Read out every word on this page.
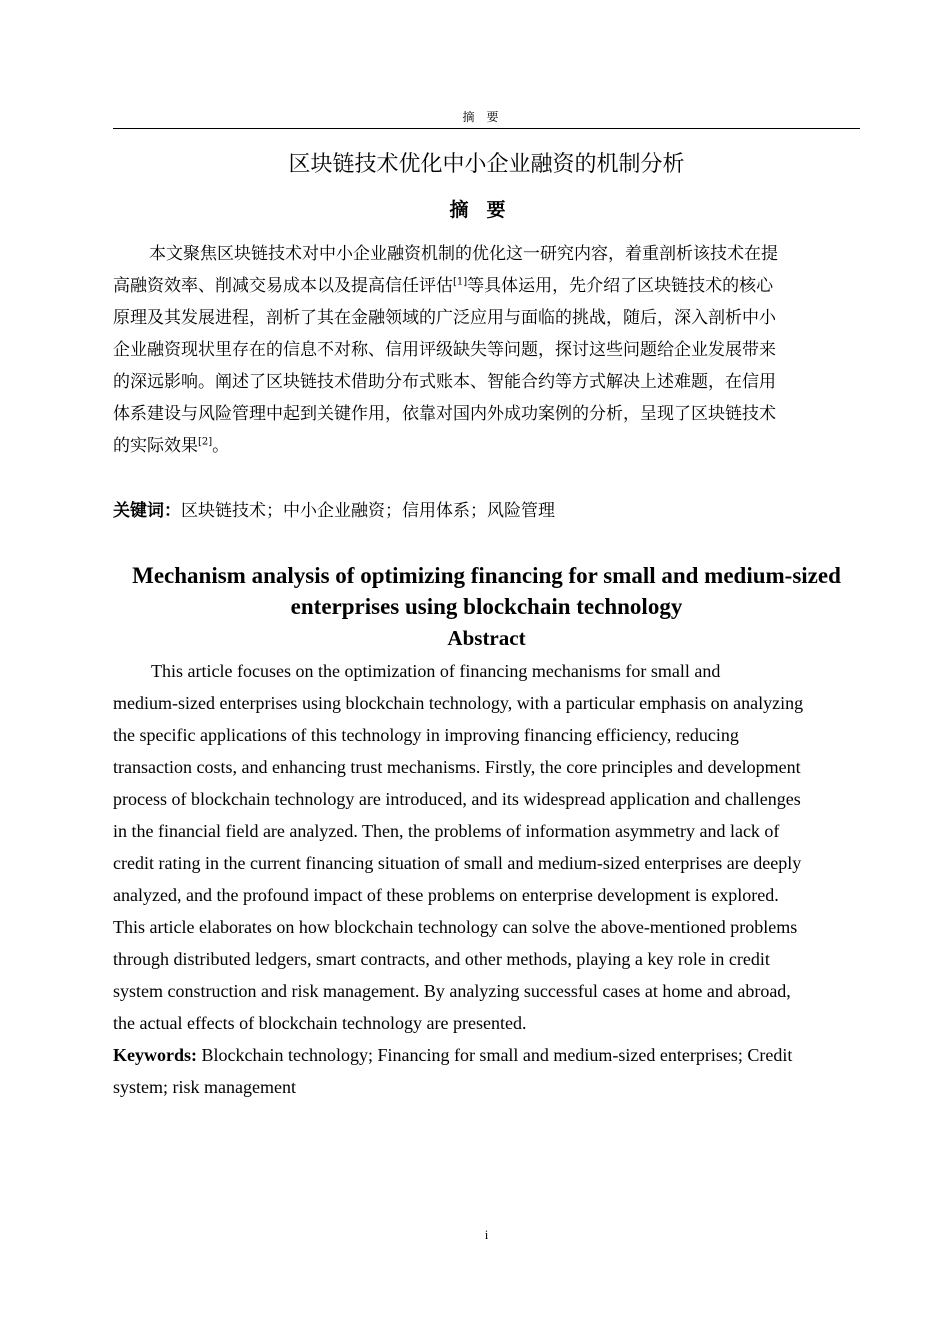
摘要
区块链技术优化中小企业融资的机制分析
摘要
本文聚焦区块链技术对中小企业融资机制的优化这一研究内容，着重剖析该技术在提
高融资效率、削减交易成本以及提高信任评估[1]等具体运用，先介绍了区块链技术的核心
原理及其发展进程，剖析了其在金融领域的广泛应用与面临的挑战，随后，深入剖析中小
企业融资现状里存在的信息不对称、信用评级缺失等问题，探讨这些问题给企业发展带来
的深远影响。阐述了区块链技术借助分布式账本、智能合约等方式解决上述难题，在信用
体系建设与风险管理中起到关键作用，依靠对国内外成功案例的分析，呈现了区块链技术
的实际效果[2]。
关键词：区块链技术；中小企业融资；信用体系；风险管理
Mechanism analysis of optimizing financing for small and medium-sized
enterprises using blockchain technology
Abstract
This article focuses on the optimization of financing mechanisms for small and
medium-sized enterprises using blockchain technology, with a particular emphasis on analyzing
the specific applications of this technology in improving financing efficiency, reducing
transaction costs, and enhancing trust mechanisms. Firstly, the core principles and development
process of blockchain technology are introduced, and its widespread application and challenges
in the financial field are analyzed. Then, the problems of information asymmetry and lack of
credit rating in the current financing situation of small and medium-sized enterprises are deeply
analyzed, and the profound impact of these problems on enterprise development is explored.
This article elaborates on how blockchain technology can solve the above-mentioned problems
through distributed ledgers, smart contracts, and other methods, playing a key role in credit
system construction and risk management. By analyzing successful cases at home and abroad,
the actual effects of blockchain technology are presented.
Keywords: Blockchain technology; Financing for small and medium-sized enterprises; Credit
system; risk management
i
